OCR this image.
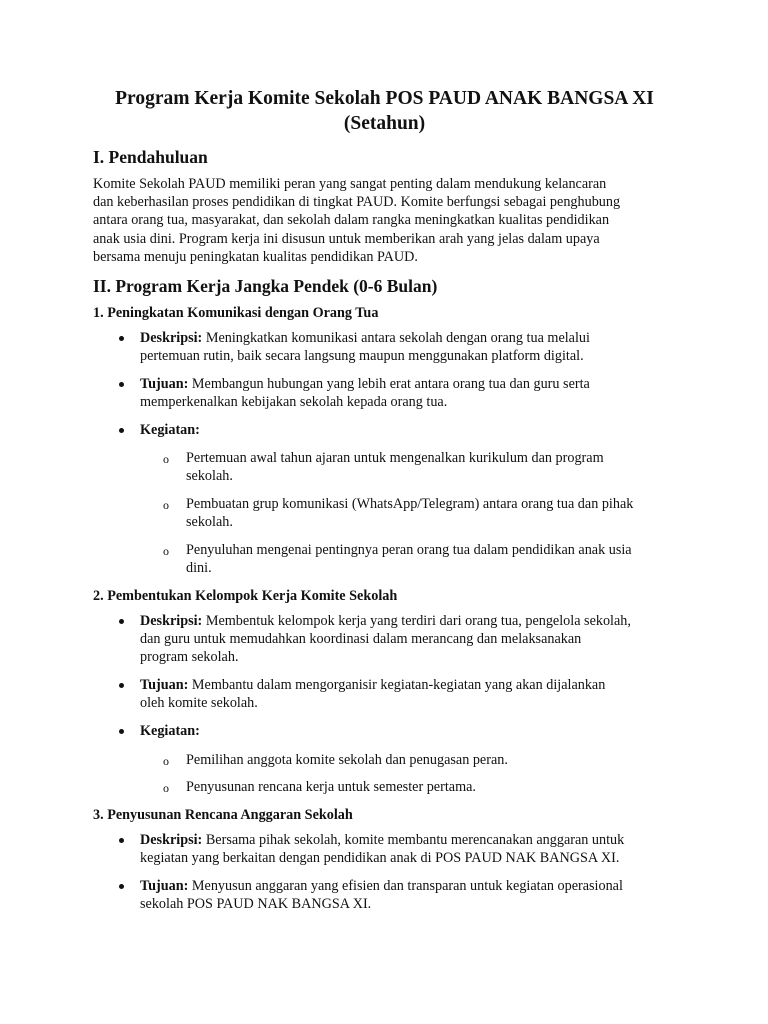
Program Kerja Komite Sekolah POS PAUD ANAK BANGSA XI
(Setahun)
I. Pendahuluan

Komite Sekolah PAUD memiliki peran yang sangat penting dalam mendukung kelancaran
dan keberhasilan proses pendidikan di tingkat PAUD. Komite berfungsi sebagai penghubung
antara orang tua, masyarakat, dan sekolah dalam rangka meningkatkan kualitas pendidikan
anak usia dini. Program kerja ini disusun untuk memberikan arah yang jelas dalam upaya
bersama menuju peningkatan kualitas pendidikan PAUD.

II. Program Kerja Jangka Pendek (0-6 Bulan)
1. Peningkatan Komunikasi dengan Orang Tua
Deskripsi: Meningkatkan komunikasi antara sekolah dengan orang tua melalui
pertemuan rutin, baik secara langsung maupun menggunakan platform digital.
Tujuan: Membangun hubungan yang lebih erat antara orang tua dan guru serta
memperkenalkan kebijakan sekolah kepada orang tua.
Kegiatan:
o Pertemuan awal tahun ajaran untuk mengenalkan kurikulum dan program
sekolah.
o Pembuatan grup komunikasi (WhatsApp/Telegram) antara orang tua dan pihak
sekolah.
o Penyuluhan mengenai pentingnya peran orang tua dalam pendidikan anak usia
dini.
2. Pembentukan Kelompok Kerja Komite Sekolah
Deskripsi: Membentuk kelompok kerja yang terdiri dari orang tua, pengelola sekolah,
dan guru untuk memudahkan koordinasi dalam merancang dan melaksanakan
program sekolah.
Tujuan: Membantu dalam mengorganisir kegiatan-kegiatan yang akan dijalankan
oleh komite sekolah.
Kegiatan:
o Pemilihan anggota komite sekolah dan penugasan peran.
o Penyusunan rencana kerja untuk semester pertama.
3. Penyusunan Rencana Anggaran Sekolah
Deskripsi: Bersama pihak sekolah, komite membantu merencanakan anggaran untuk
kegiatan yang berkaitan dengan pendidikan anak di POS PAUD NAK BANGSA XI.
Tujuan: Menyusun anggaran yang efisien dan transparan untuk kegiatan operasional
sekolah POS PAUD NAK BANGSA XI.
